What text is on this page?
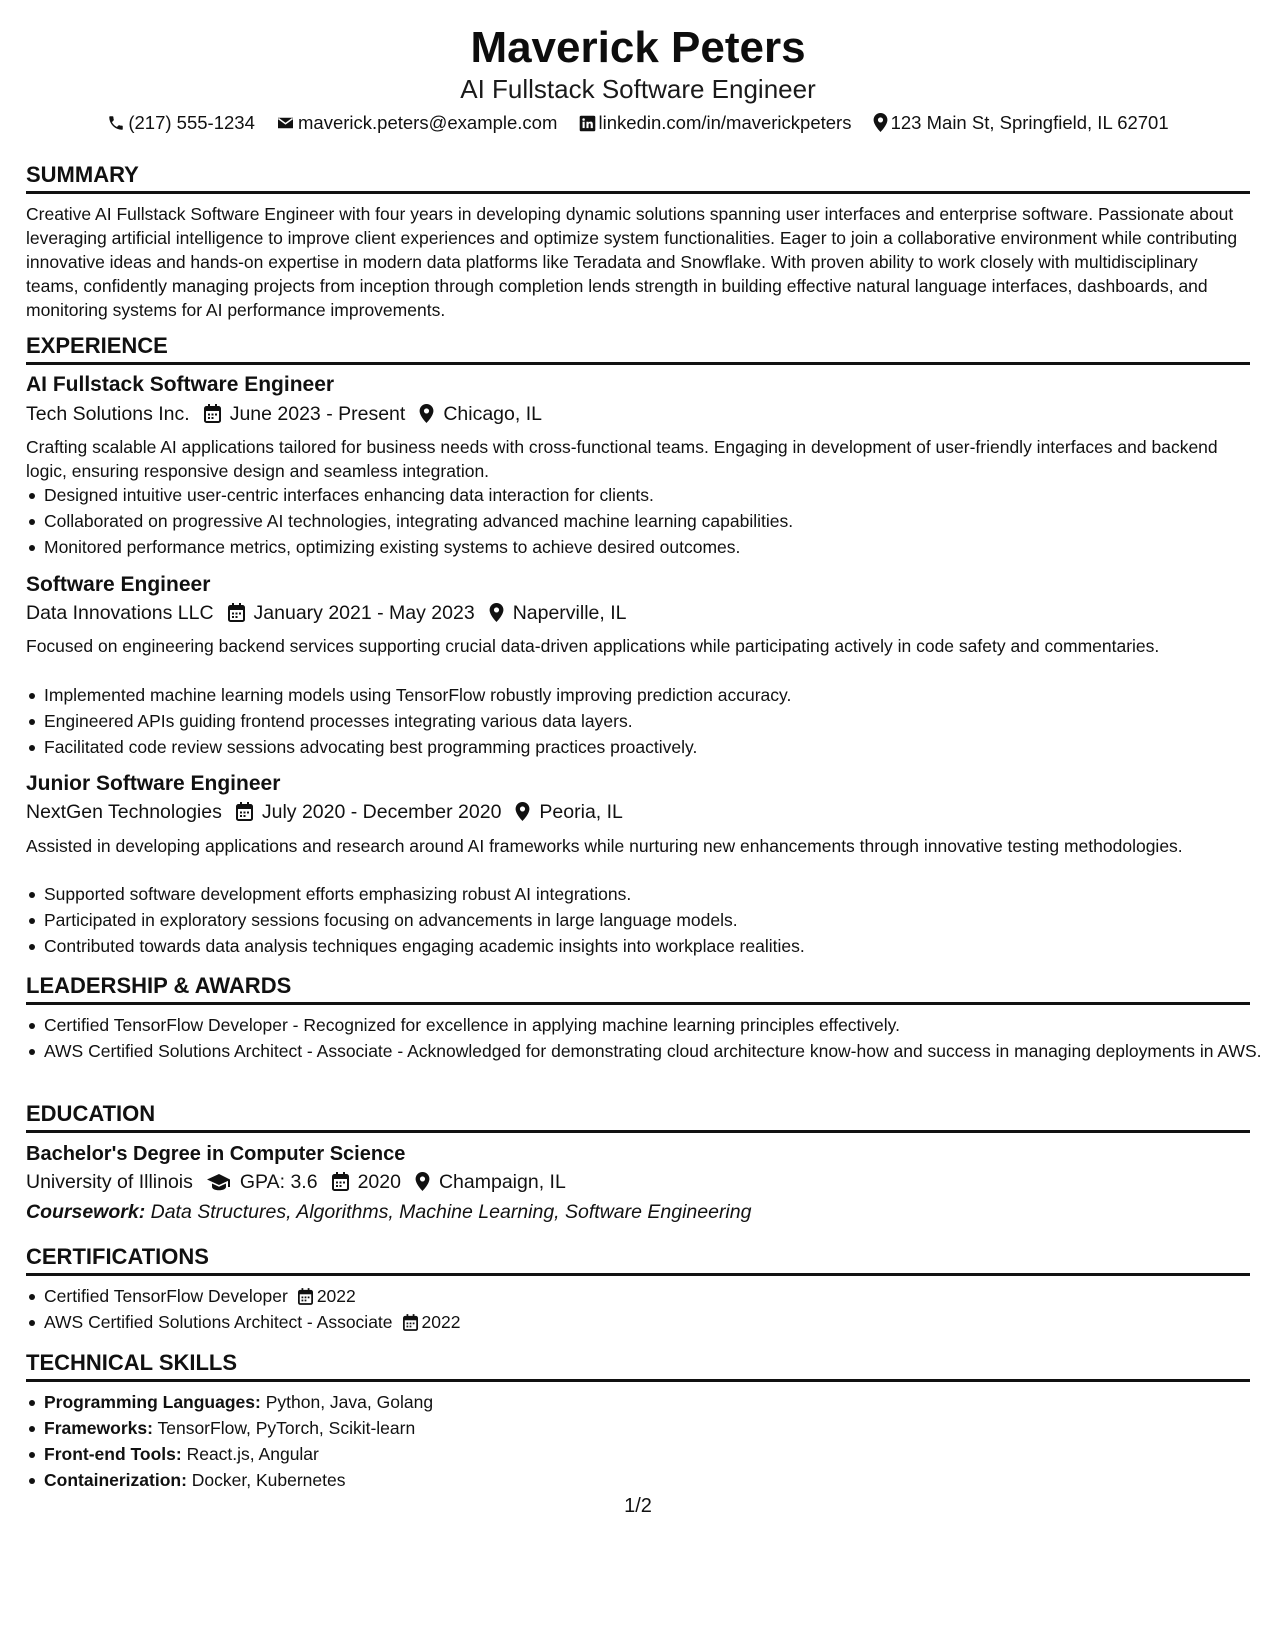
Maverick Peters
AI Fullstack Software Engineer
(217) 555-1234 maverick.peters@example.com linkedin.com/in/maverickpeters 123 Main St, Springfield, IL 62701
SUMMARY
Creative AI Fullstack Software Engineer with four years in developing dynamic solutions spanning user interfaces and enterprise software. Passionate about leveraging artificial intelligence to improve client experiences and optimize system functionalities. Eager to join a collaborative environment while contributing innovative ideas and hands-on expertise in modern data platforms like Teradata and Snowflake. With proven ability to work closely with multidisciplinary teams, confidently managing projects from inception through completion lends strength in building effective natural language interfaces, dashboards, and monitoring systems for AI performance improvements.
EXPERIENCE
AI Fullstack Software Engineer
Tech Solutions Inc. June 2023 - Present Chicago, IL
Crafting scalable AI applications tailored for business needs with cross-functional teams. Engaging in development of user-friendly interfaces and backend logic, ensuring responsive design and seamless integration.
Designed intuitive user-centric interfaces enhancing data interaction for clients.
Collaborated on progressive AI technologies, integrating advanced machine learning capabilities.
Monitored performance metrics, optimizing existing systems to achieve desired outcomes.
Software Engineer
Data Innovations LLC January 2021 - May 2023 Naperville, IL
Focused on engineering backend services supporting crucial data-driven applications while participating actively in code safety and commentaries.
Implemented machine learning models using TensorFlow robustly improving prediction accuracy.
Engineered APIs guiding frontend processes integrating various data layers.
Facilitated code review sessions advocating best programming practices proactively.
Junior Software Engineer
NextGen Technologies July 2020 - December 2020 Peoria, IL
Assisted in developing applications and research around AI frameworks while nurturing new enhancements through innovative testing methodologies.
Supported software development efforts emphasizing robust AI integrations.
Participated in exploratory sessions focusing on advancements in large language models.
Contributed towards data analysis techniques engaging academic insights into workplace realities.
LEADERSHIP & AWARDS
Certified TensorFlow Developer - Recognized for excellence in applying machine learning principles effectively.
AWS Certified Solutions Architect - Associate - Acknowledged for demonstrating cloud architecture know-how and success in managing deployments in AWS.
EDUCATION
Bachelor's Degree in Computer Science
University of Illinois GPA: 3.6 2020 Champaign, IL
Coursework: Data Structures, Algorithms, Machine Learning, Software Engineering
CERTIFICATIONS
Certified TensorFlow Developer 2022
AWS Certified Solutions Architect - Associate 2022
TECHNICAL SKILLS
Programming Languages: Python, Java, Golang
Frameworks: TensorFlow, PyTorch, Scikit-learn
Front-end Tools: React.js, Angular
Containerization: Docker, Kubernetes
1/2
